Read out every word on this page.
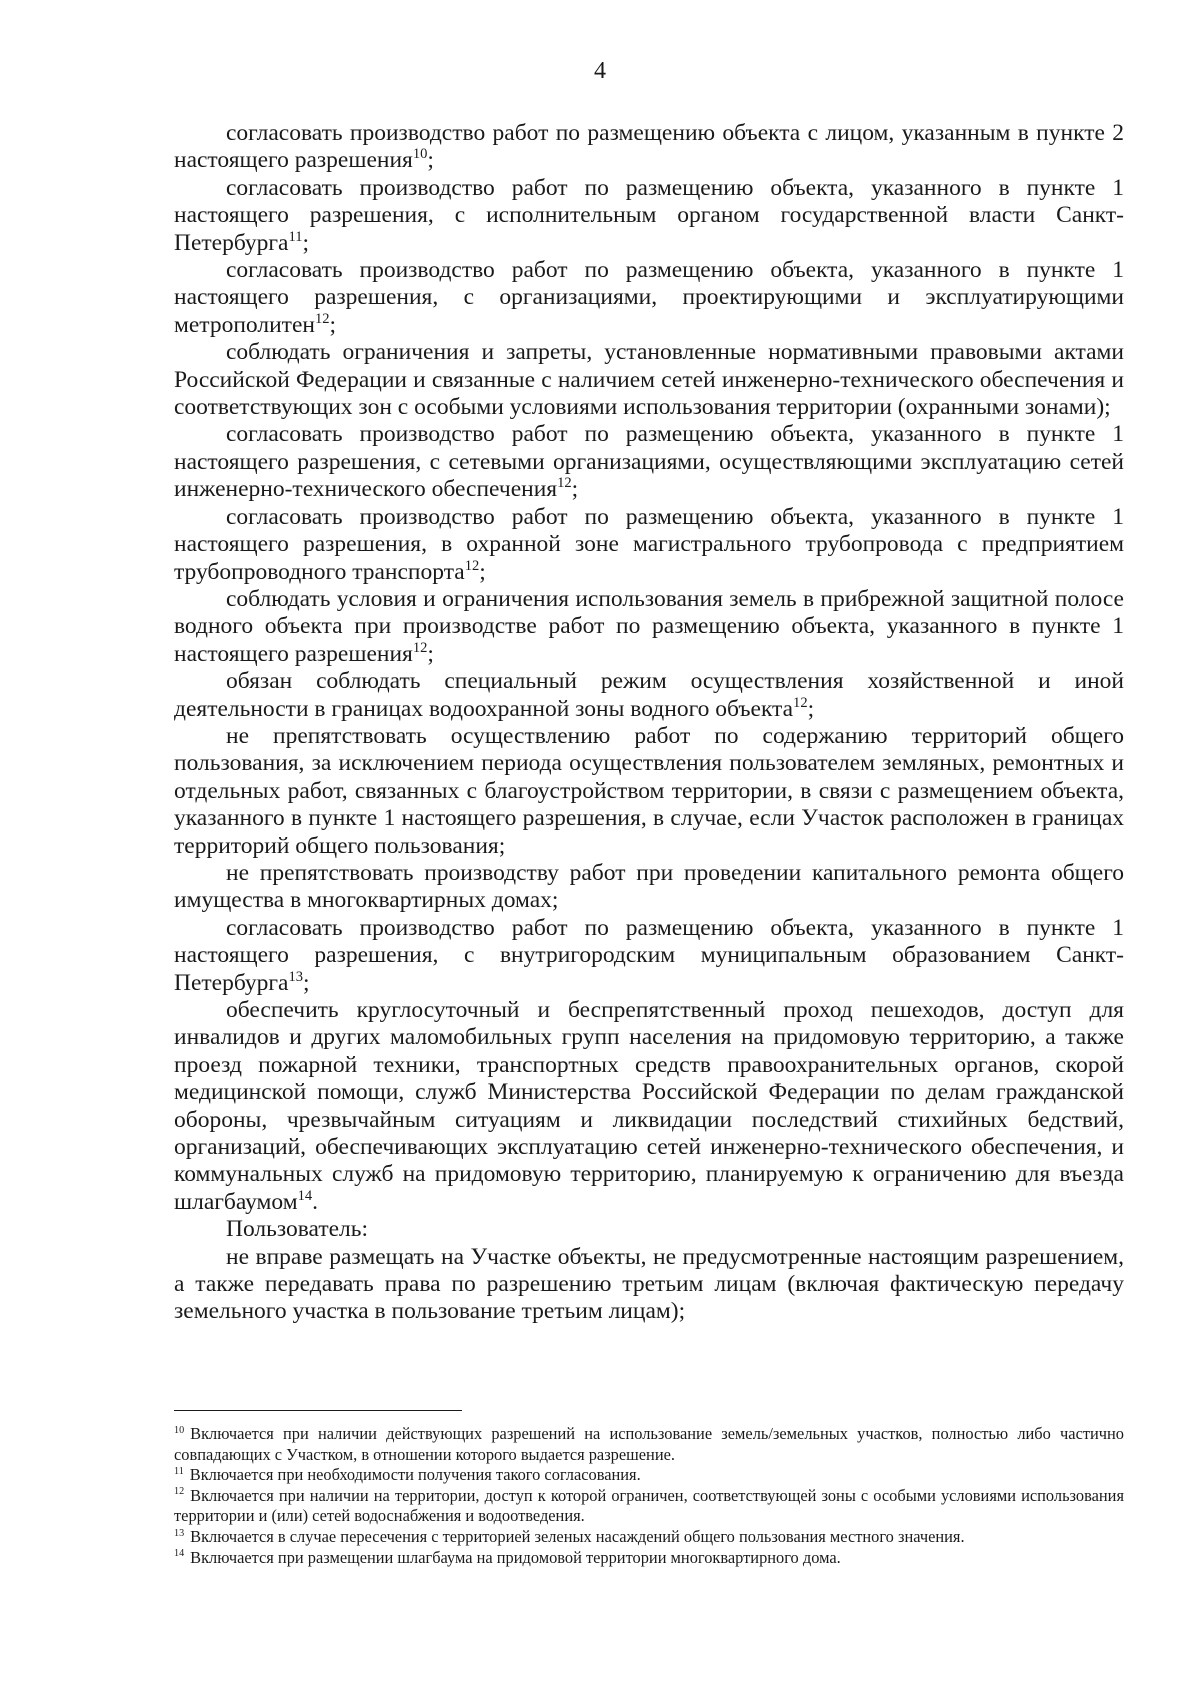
4

согласовать производство работ по размещению объекта с лицом, указанным в пункте 2 настоящего разрешения$^{10}$;

согласовать производство работ по размещению объекта, указанного в пункте 1 настоящего разрешения, с исполнительным органом государственной власти Санкт-Петербурга$^{11}$;

согласовать производство работ по размещению объекта, указанного в пункте 1 настоящего разрешения, с организациями, проектирующими и эксплуатирующими метрополитен$^{12}$;

соблюдать ограничения и запреты, установленные нормативными правовыми актами Российской Федерации и связанные с наличием сетей инженерно-технического обеспечения и соответствующих зон с особыми условиями использования территории (охранными зонами);

согласовать производство работ по размещению объекта, указанного в пункте 1 настоящего разрешения, с сетевыми организациями, осуществляющими эксплуатацию сетей инженерно-технического обеспечения$^{12}$;

согласовать производство работ по размещению объекта, указанного в пункте 1 настоящего разрешения, в охранной зоне магистрального трубопровода с предприятием трубопроводного транспорта$^{12}$;

соблюдать условия и ограничения использования земель в прибрежной защитной полосе водного объекта при производстве работ по размещению объекта, указанного в пункте 1 настоящего разрешения$^{12}$;

обязан соблюдать специальный режим осуществления хозяйственной и иной деятельности в границах водоохранной зоны водного объекта$^{12}$;

не препятствовать осуществлению работ по содержанию территорий общего пользования, за исключением периода осуществления пользователем земляных, ремонтных и отдельных работ, связанных с благоустройством территории, в связи с размещением объекта, указанного в пункте 1 настоящего разрешения, в случае, если Участок расположен в границах территорий общего пользования;

не препятствовать производству работ при проведении капитального ремонта общего имущества в многоквартирных домах;

согласовать производство работ по размещению объекта, указанного в пункте 1 настоящего разрешения, с внутригородским муниципальным образованием Санкт-Петербурга$^{13}$;

обеспечить круглосуточный и беспрепятственный проход пешеходов, доступ для инвалидов и других маломобильных групп населения на придомовую территорию, а также проезд пожарной техники, транспортных средств правоохранительных органов, скорой медицинской помощи, служб Министерства Российской Федерации по делам гражданской обороны, чрезвычайным ситуациям и ликвидации последствий стихийных бедствий, организаций, обеспечивающих эксплуатацию сетей инженерно-технического обеспечения, и коммунальных служб на придомовую территорию, планируемую к ограничению для въезда шлагбаумом$^{14}$.

Пользователь:

не вправе размещать на Участке объекты, не предусмотренные настоящим разрешением, а также передавать права по разрешению третьим лицам (включая фактическую передачу земельного участка в пользование третьим лицам);

$^{10}$ Включается при наличии действующих разрешений на использование земель/земельных участков, полностью либо частично совпадающих с Участком, в отношении которого выдается разрешение.

$^{11}$ Включается при необходимости получения такого согласования.

$^{12}$ Включается при наличии на территории, доступ к которой ограничен, соответствующей зоны с особыми условиями использования территории и (или) сетей водоснабжения и водоотведения.

$^{13}$ Включается в случае пересечения с территорией зеленых насаждений общего пользования местного значения.

$^{14}$ Включается при размещении шлагбаума на придомовой территории многоквартирного дома.
